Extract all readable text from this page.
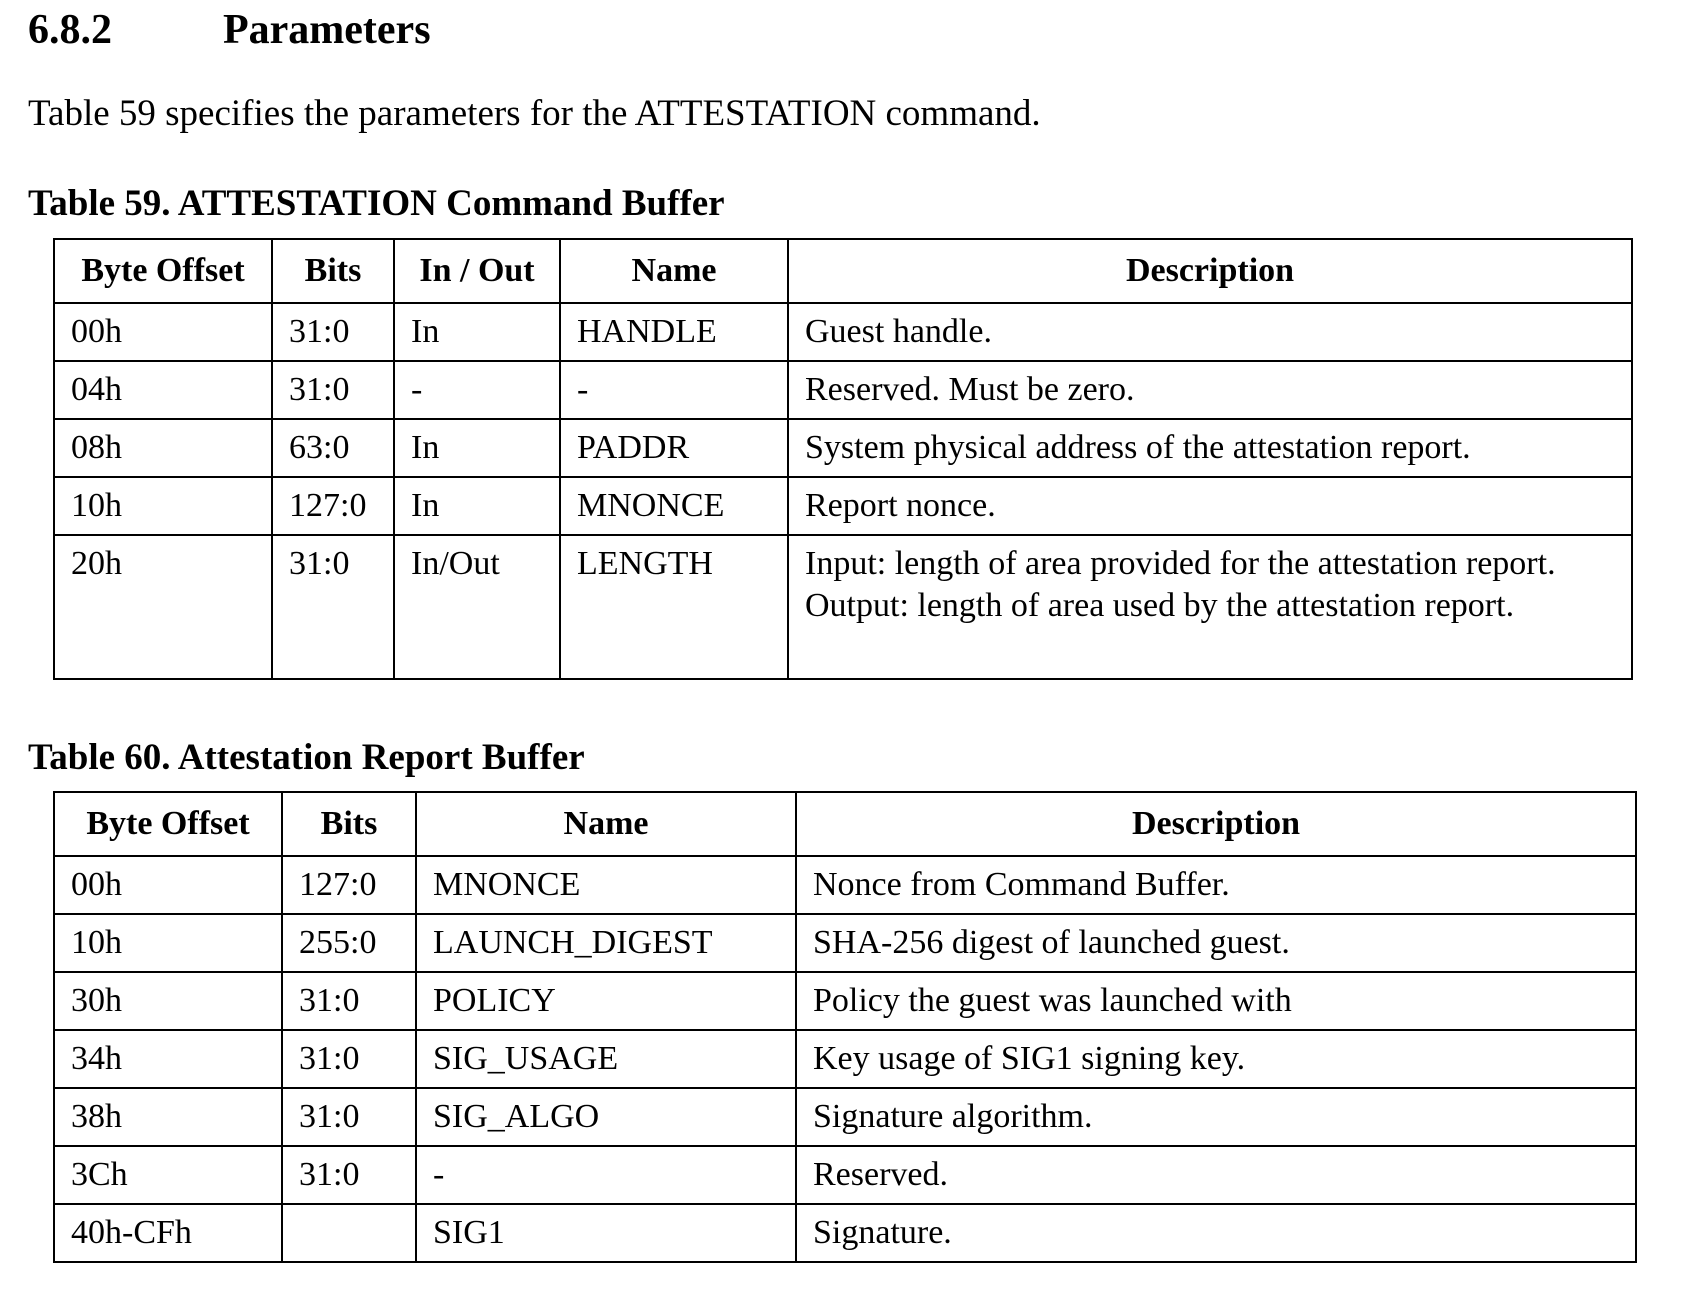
6.8.2	Parameters
Table 59 specifies the parameters for the ATTESTATION command.
Table 59. ATTESTATION Command Buffer
Byte Offset	Bits	In / Out	Name	Description
00h	31:0	In	HANDLE	Guest handle.
04h	31:0	-	-	Reserved. Must be zero.
08h	63:0	In	PADDR	System physical address of the attestation report.
10h	127:0	In	MNONCE	Report nonce.
20h	31:0	In/Out	LENGTH	Input: length of area provided for the attestation report.
Output: length of area used by the attestation report.
Table 60. Attestation Report Buffer
Byte Offset	Bits	Name	Description
00h	127:0	MNONCE	Nonce from Command Buffer.
10h	255:0	LAUNCH_DIGEST	SHA-256 digest of launched guest.
30h	31:0	POLICY	Policy the guest was launched with
34h	31:0	SIG_USAGE	Key usage of SIG1 signing key.
38h	31:0	SIG_ALGO	Signature algorithm.
3Ch	31:0	-	Reserved.
40h-CFh		SIG1	Signature.
